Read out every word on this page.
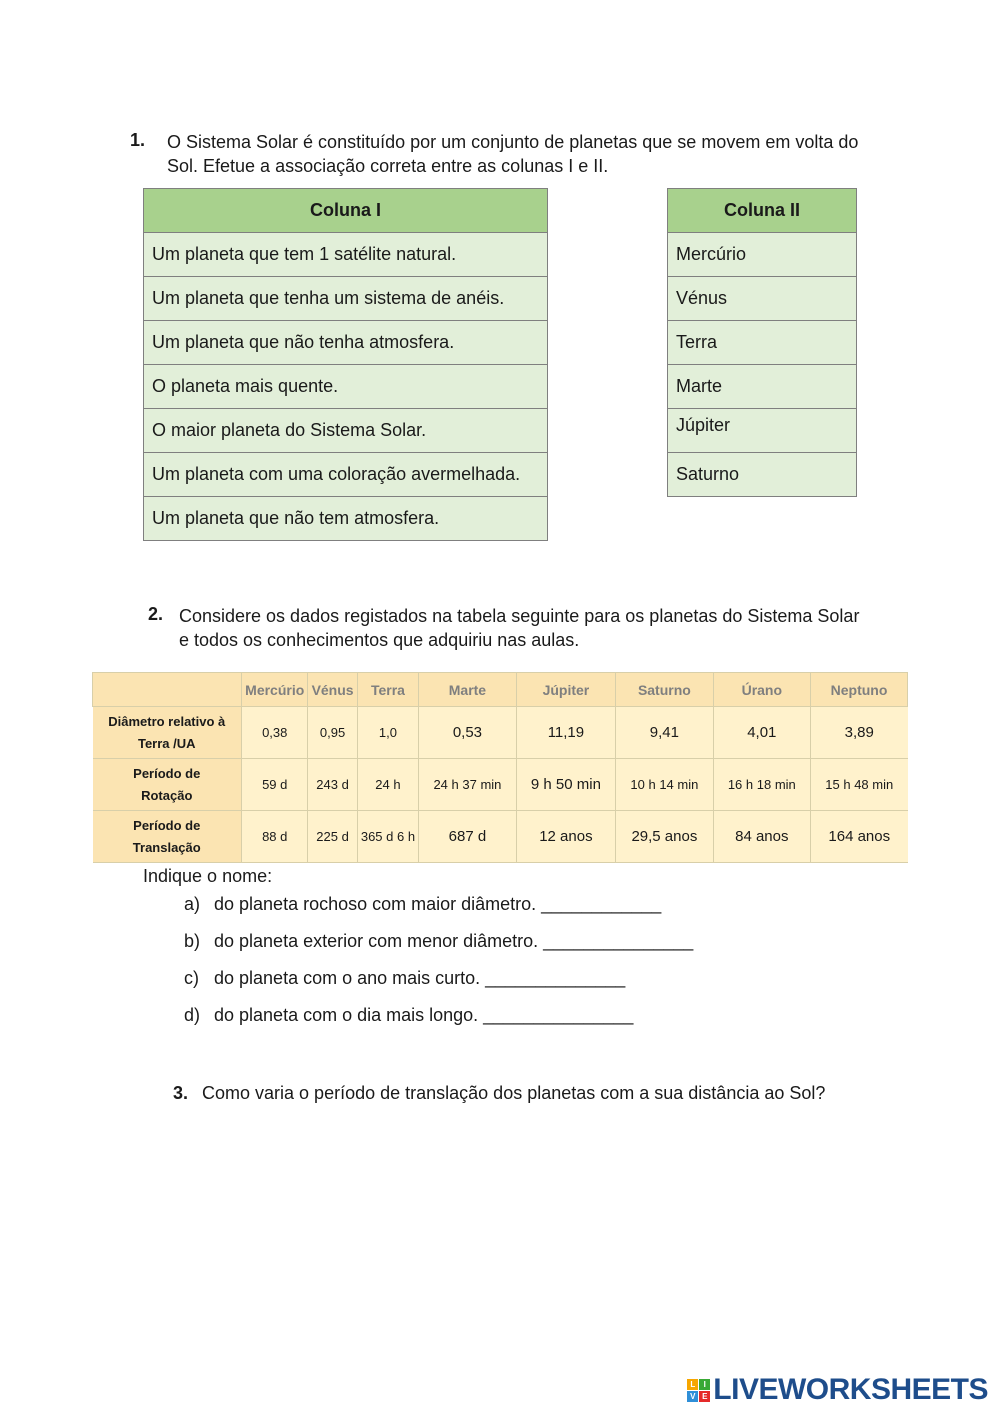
1.	O Sistema Solar é constituído por um conjunto de planetas que se movem em volta do Sol. Efetue a associação correta entre as colunas I e II.
Coluna I
Um planeta que tem 1 satélite natural.
Um planeta que tenha um sistema de anéis.
Um planeta que não tenha atmosfera.
O planeta mais quente.
O maior planeta do Sistema Solar.
Um planeta com uma coloração avermelhada.
Um planeta que não tem atmosfera.
Coluna II
Mercúrio
Vénus
Terra
Marte
Júpiter
Saturno
2. Considere os dados registados na tabela seguinte para os planetas do Sistema Solar e todos os conhecimentos que adquiriu nas aulas.
	Mercúrio	Vénus	Terra	Marte	Júpiter	Saturno	Úrano	Neptuno
Diâmetro relativo à
Terra /UA	0,38	0,95	1,0	0,53	11,19	9,41	4,01	3,89
Período de
Rotação	59 d	243 d	24 h	24 h 37 min	9 h 50 min	10 h 14 min	16 h 18 min	15 h 48 min
Período de
Translação	88 d	225 d	365 d 6 h	687 d	12 anos	29,5 anos	84 anos	164 anos
Indique o nome:
a) do planeta rochoso com maior diâmetro. ____________
b) do planeta exterior com menor diâmetro. _______________
c) do planeta com o ano mais curto. ______________
d) do planeta com o dia mais longo. _______________
3. Como varia o período de translação dos planetas com a sua distância ao Sol?
L	I
V E LIVEWORKSHEETS
